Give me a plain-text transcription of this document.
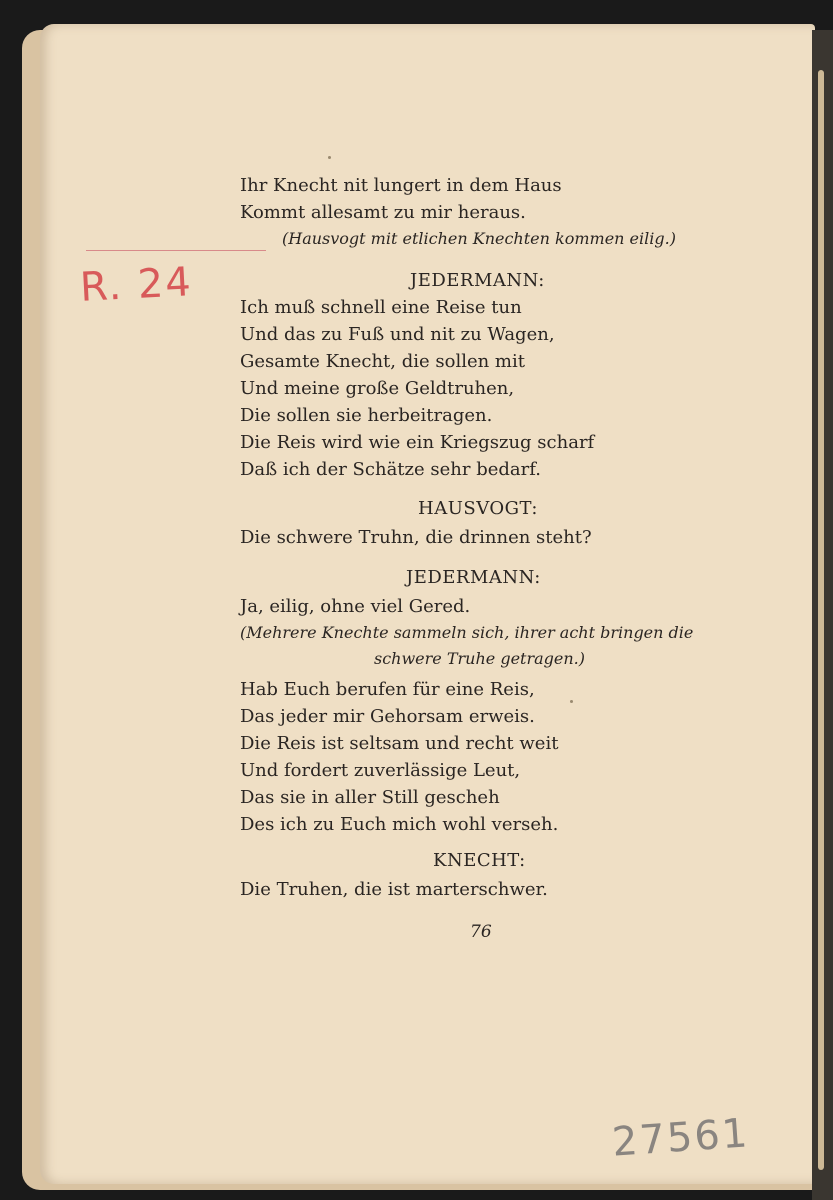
R. 24
Ihr Knecht nit lungert in dem Haus
Kommt allesamt zu mir heraus.
(Hausvogt mit etlichen Knechten kommen eilig.)
JEDERMANN:
Ich muß schnell eine Reise tun
Und das zu Fuß und nit zu Wagen,
Gesamte Knecht, die sollen mit
Und meine große Geldtruhen,
Die sollen sie herbeitragen.
Die Reis wird wie ein Kriegszug scharf
Daß ich der Schätze sehr bedarf.
HAUSVOGT:
Die schwere Truhn, die drinnen steht?
JEDERMANN:
Ja, eilig, ohne viel Gered.
(Mehrere Knechte sammeln sich, ihrer acht bringen die
schwere Truhe getragen.)
Hab Euch berufen für eine Reis,
Das jeder mir Gehorsam erweis.
Die Reis ist seltsam und recht weit
Und fordert zuverlässige Leut,
Das sie in aller Still gescheh
Des ich zu Euch mich wohl verseh.
KNECHT:
Die Truhen, die ist marterschwer.
76
27561
